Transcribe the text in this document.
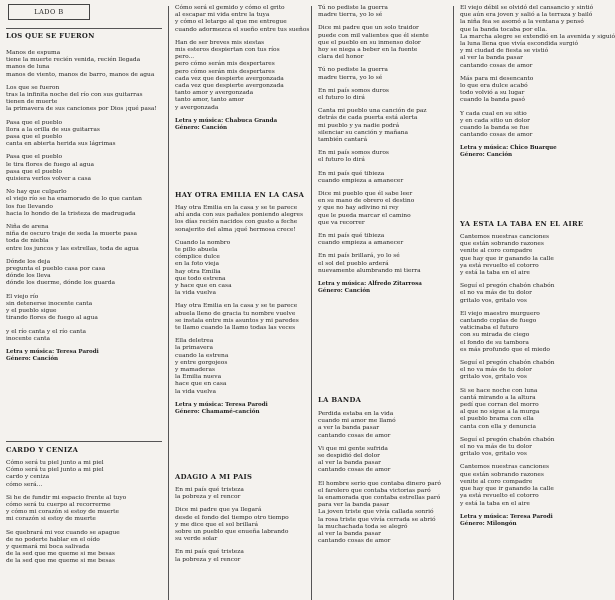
LADO B

LOS QUE SE FUERON

Manos de espuma
tiene la muerte recién venida, recién llegada
manos de luna
manos de viento, manos de barro, manos de agua
Los que se fueron
tras la infinita noche del río con sus guitarras
tienen de muerte
la primavera de sus canciones por Dios ¡qué pasa!
Pasa que el pueblo
llora a la orilla de sus guitarras
pasa que el pueblo
canta en abierta herida sus lágrimas
Pasa que el pueblo
le tira flores de fuego al agua
pasa que el pueblo
quisiera verlos volver a casa
No hay que culparlo
el viejo río se ha enamorado de lo que cantan
los fue llevando
hacia lo hondo de la tristeza de madrugada
Niña de arena
niña de oscuro traje de seda la muerte pasa
toda de niebla
entre los juncos y las estrellas, toda de agua
Dónde los deja
pregunta el pueblo casa por casa
dónde los lleva
dónde los duerme, dónde los guarda
El viejo río
sin detenerse inocente canta
y el pueblo sigue
tirando flores de fuego al agua
y el río canta y el río canta
inocente canta
Letra y música: Teresa Parodi
Género: Canción

CARDO Y CENIZA

Cómo será tu piel junto a mi piel
Cómo será tu piel junto a mi piel
cardo y ceniza
cómo será...
Si he de fundir mi espacio frente al tuyo
cómo será tu cuerpo al recorrerme
y cómo mi corazón si estoy de muerte
mi corazón si estoy de muerte
Se quebrará mi voz cuando se apague
de no poderte hablar en el oído
y quemará mi boca salivada
de la sed que me queme si me besas
de la sed que me queme si me besas
Cómo será el gemido y cómo el grito
al escapar mi vida entre la tuya
y cómo el letargo al que me entregue
cuando adormezca el sueño entre tus sueños
Han de ser breves mis siestas
mis esteros despiertan con tus ríos
pero...
pero cómo serán mis despertares
pero cómo serán mis despertares
cada vez que despierte avergonzada
cada vez que despierte avergonzada
tanto amor y avergonzada
tanto amor, tanto amor
y avergonzada
Letra y música: Chabuca Granda
Género: Canción

HAY OTRA EMILIA EN LA CASA

Hay otra Emilia en la casa y se te parece
ahí anda con sus pañales poniendo alegres
los días recién nacidos con gusto a feche
sonajerito del alma ¡qué hermosa crece!
Cuando la nombro
te pillo abuela
cómplice dulce
en la foto vieja
hay otra Emilia
que todo estrena
y hace que en casa
la vida vuelva
Hay otra Emilia en la casa y se te parece
abuela lleno de gracia tu nombre vuelve
se instala entre mis asuntos y mi paredes
te llamo cuando la llamo todas las veces
Ella deletrea
la primavera
cuando la estrena
y entre gorgojeos
y mamaderas
la Emilia nueva
hace que en casa
la vida vuelva
Letra y música: Teresa Parodi
Género: Chamamé-canción

ADAGIO A MI PAIS

En mi país qué tristeza
la pobreza y el rencor
Dice mi padre que ya llegará
desde el fondo del tiempo otro tiempo
y me dice que el sol brillará
sobre un pueblo que enueña labrando
su verde solar
En mi país qué tristeza
la pobreza y el rencor
Tú no pediste la guerra
madre tierra, yo lo sé
Dice mi padre que un solo traidor
puede con mil valientes que él siente
que el pueblo en su inmenso dolor
hoy se niega a beber en la fuente
clara del honor
Tú no pediste la guerra
madre tierra, yo lo sé
En mi país somos duros
el futuro lo dirá
Canta mi pueblo una canción de paz
detrás de cada puerta está alerta
mi pueblo y ya nadie podrá
silenciar su canción y mañana
también cantará
En mi país somos duros
el futuro lo dirá
En mi país qué tibieza
cuando empieza a amanecer
Dice mi pueblo que él sabe leer
en su mano de obrero el destino
y que no hay adivino ni rey
que le pueda marcar el camino
que va recorrer
En mi país qué tibieza
cuando empieza a amanecer
En mi país brillará, yo lo sé
el sol del pueblo arderá
nuevamente alumbrando mi tierra
Letra y música: Alfredo Zitarrosa
Género: Canción

LA BANDA

Perdida estaba en la vida
cuando mi amor me llamó
a ver la banda pasar
cantando cosas de amor
Vi que mi gente sufrida
se despidió del dolor
al ver la banda pasar
cantando cosas de amor
El hombre serio que contaba dinero paró
el farolero que contaba victorias paró
la enamorada que contaba estrellas paró
para ver la banda pasar
La joven triste que vivía callada sonrió
la rosa triste que vivía cerrada se abrió
la muchachada toda se alegró
al ver la banda pasar
cantando cosas de amor
El viejo débil se olvidó del cansancio y sintió
que aún era joven y salió a la terraza y bailó
la niña fea se asomó a la ventana y pensó
que la banda tocaba por ella.
La marcha alegre se extendió en la avenida y siguió
la luna llena que vivía escondida surgió
y mi ciudad de fiesta se vistió
al ver la banda pasar
cantando cosas de amor
Más para mi desencanto
lo que era dulce acabó
todo volvió a su lugar
cuando la banda pasó
Y cada cual en su sitio
y en cada sitio un dolor
cuando la banda se fue
cantando cosas de amor
Letra y música: Chico Buarque
Género: Canción

YA ESTA LA TABA EN EL AIRE

Cantemos nuestras canciones
que están sobrando razones
venite al coro compadre
que hay que ir ganando la calle
ya está revuelto el cotorro
y está la taba en el aire
Seguí el pregón chabón chabón
el no va más de tu dolor
gritalo vos, gritalo vos
El viejo maestro murguero
cantando coplas de fuego
vaticinaba el futuro
con su mirada de ciego
el fondo de su tambora
es más profundo que el miedo
Seguí el pregón chabón chabón
el no va más de tu dolor
gritalo vos, gritalo vos
Si se hace noche con luna
cantá mirando a la altura
pedí que corran del morro
al que no sigue a la murga
el pueblo brama con ella
canta con ella y denuncia
Seguí el pregón chabón chabón
el no va más de tu dolor
gritalo vos, gritalo vos
Cantemos nuestras canciones
que están sobrando razones
venite al coro compadre
que hay que ir ganando la calle
ya está revuelto el cotorro
y está la taba en el aire
Letra y música: Teresa Parodi
Género: Milongón
